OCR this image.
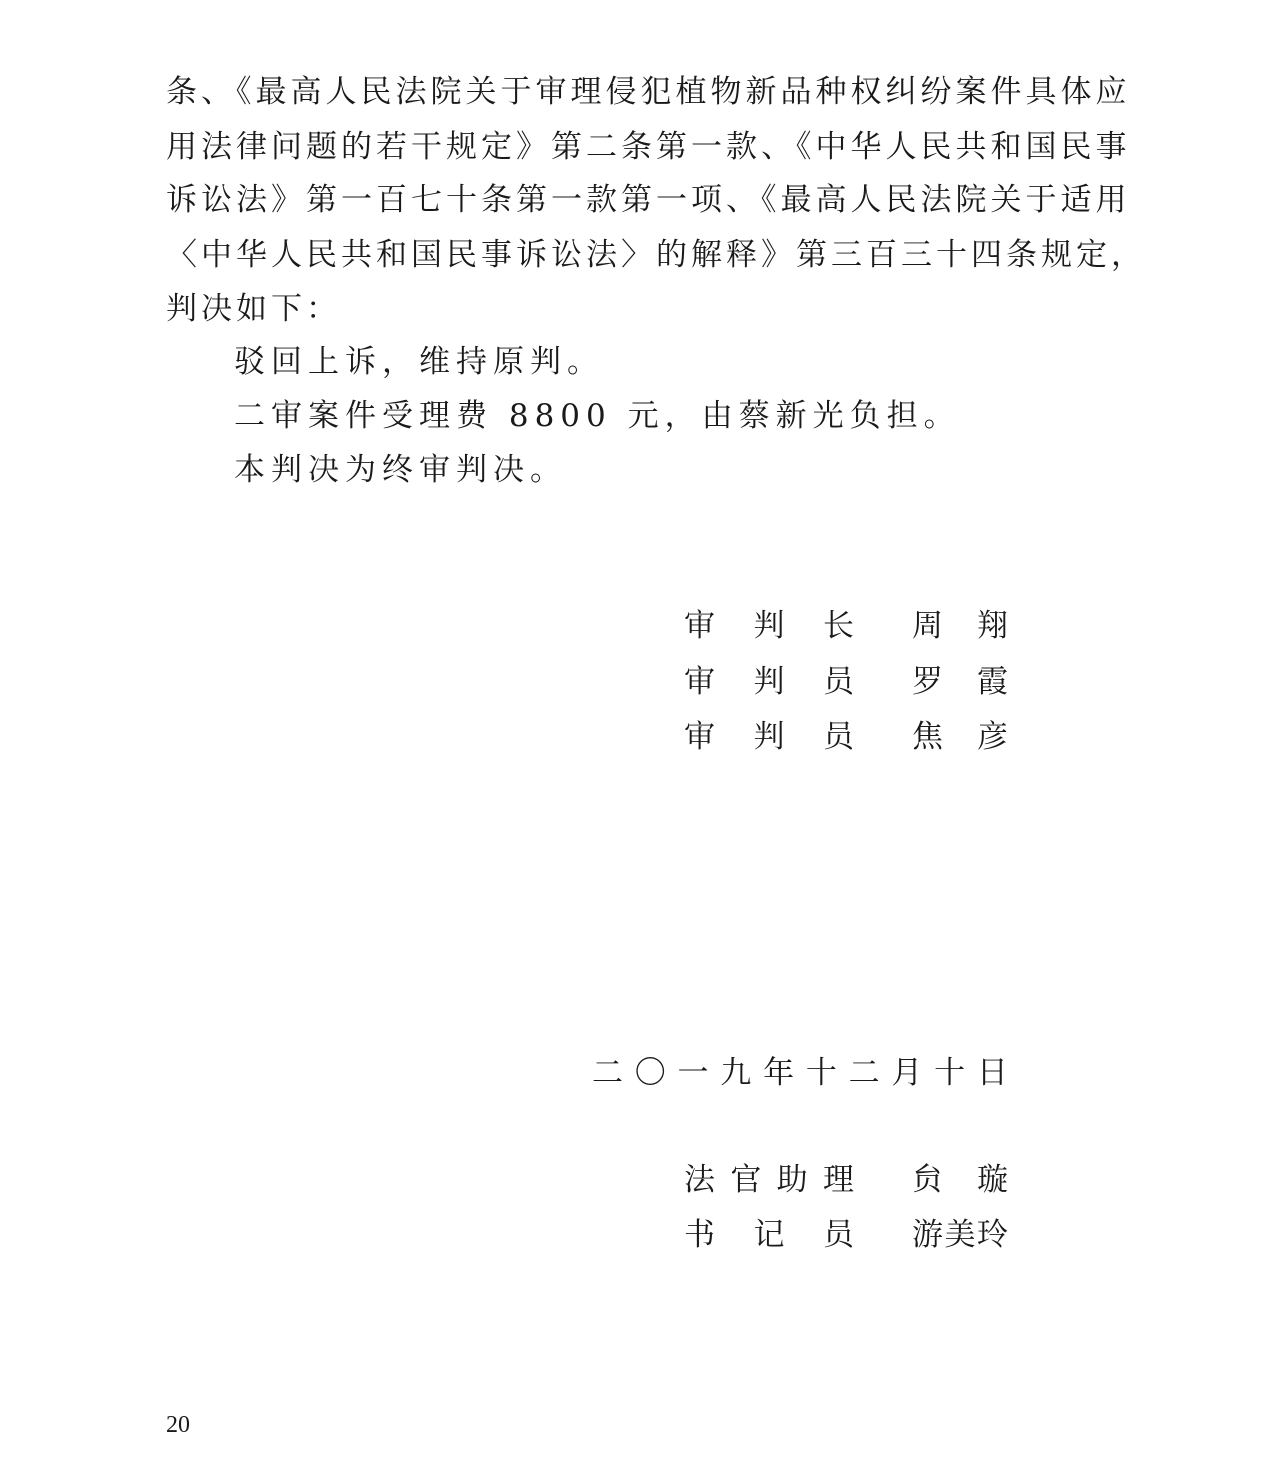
条、《最高人民法院关于审理侵犯植物新品种权纠纷案件具体应
用法律问题的若干规定》第二条第一款、《中华人民共和国民事
诉讼法》第一百七十条第一款第一项、《最高人民法院关于适用
〈中华人民共和国民事诉讼法〉的解释》第三百三十四条规定，
判决如下：
驳回上诉，维持原判。
二审案件受理费 8800 元，由蔡新光负担。
本判决为终审判决。
审 判 长 周 翔
审 判 员 罗 霞
审 判 员 焦 彦
二 〇 一 九 年 十 二 月 十 日
法 官 助 理 贠 璇
书 记 员 游 美 玲
20
